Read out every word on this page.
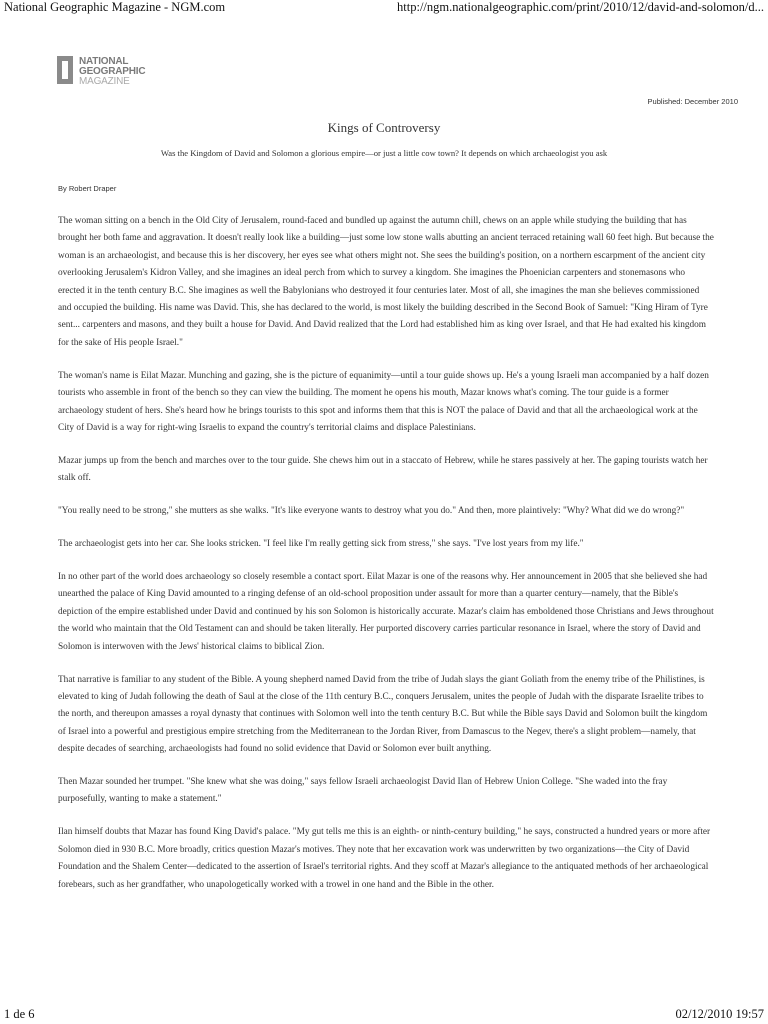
National Geographic Magazine - NGM.com	http://ngm.nationalgeographic.com/print/2010/12/david-and-solomon/d...
NATIONAL
GEOGRAPHIC
MAGAZINE
Published: December 2010
Kings of Controversy
Was the Kingdom of David and Solomon a glorious empire—or just a little cow town? It depends on which archaeologist you ask
By Robert Draper

The woman sitting on a bench in the Old City of Jerusalem, round-faced and bundled up against the autumn chill, chews on an apple while studying the building that has brought her both fame and aggravation. It doesn't really look like a building—just some low stone walls abutting an ancient terraced retaining wall 60 feet high. But because the woman is an archaeologist, and because this is her discovery, her eyes see what others might not. She sees the building's position, on a northern escarpment of the ancient city overlooking Jerusalem's Kidron Valley, and she imagines an ideal perch from which to survey a kingdom. She imagines the Phoenician carpenters and stonemasons who erected it in the tenth century B.C. She imagines as well the Babylonians who destroyed it four centuries later. Most of all, she imagines the man she believes commissioned and occupied the building. His name was David. This, she has declared to the world, is most likely the building described in the Second Book of Samuel: "King Hiram of Tyre sent... carpenters and masons, and they built a house for David. And David realized that the Lord had established him as king over Israel, and that He had exalted his kingdom for the sake of His people Israel."

The woman's name is Eilat Mazar. Munching and gazing, she is the picture of equanimity—until a tour guide shows up. He's a young Israeli man accompanied by a half dozen tourists who assemble in front of the bench so they can view the building. The moment he opens his mouth, Mazar knows what's coming. The tour guide is a former archaeology student of hers. She's heard how he brings tourists to this spot and informs them that this is NOT the palace of David and that all the archaeological work at the City of David is a way for right-wing Israelis to expand the country's territorial claims and displace Palestinians.

Mazar jumps up from the bench and marches over to the tour guide. She chews him out in a staccato of Hebrew, while he stares passively at her. The gaping tourists watch her stalk off.

"You really need to be strong," she mutters as she walks. "It's like everyone wants to destroy what you do." And then, more plaintively: "Why? What did we do wrong?"

The archaeologist gets into her car. She looks stricken. "I feel like I'm really getting sick from stress," she says. "I've lost years from my life."

In no other part of the world does archaeology so closely resemble a contact sport. Eilat Mazar is one of the reasons why. Her announcement in 2005 that she believed she had unearthed the palace of King David amounted to a ringing defense of an old-school proposition under assault for more than a quarter century—namely, that the Bible's depiction of the empire established under David and continued by his son Solomon is historically accurate. Mazar's claim has emboldened those Christians and Jews throughout the world who maintain that the Old Testament can and should be taken literally. Her purported discovery carries particular resonance in Israel, where the story of David and Solomon is interwoven with the Jews' historical claims to biblical Zion.

That narrative is familiar to any student of the Bible. A young shepherd named David from the tribe of Judah slays the giant Goliath from the enemy tribe of the Philistines, is elevated to king of Judah following the death of Saul at the close of the 11th century B.C., conquers Jerusalem, unites the people of Judah with the disparate Israelite tribes to the north, and thereupon amasses a royal dynasty that continues with Solomon well into the tenth century B.C. But while the Bible says David and Solomon built the kingdom of Israel into a powerful and prestigious empire stretching from the Mediterranean to the Jordan River, from Damascus to the Negev, there's a slight problem—namely, that despite decades of searching, archaeologists had found no solid evidence that David or Solomon ever built anything.

Then Mazar sounded her trumpet. "She knew what she was doing," says fellow Israeli archaeologist David Ilan of Hebrew Union College. "She waded into the fray purposefully, wanting to make a statement."

Ilan himself doubts that Mazar has found King David's palace. "My gut tells me this is an eighth- or ninth-century building," he says, constructed a hundred years or more after Solomon died in 930 B.C. More broadly, critics question Mazar's motives. They note that her excavation work was underwritten by two organizations—the City of David Foundation and the Shalem Center—dedicated to the assertion of Israel's territorial rights. And they scoff at Mazar's allegiance to the antiquated methods of her archaeological forebears, such as her grandfather, who unapologetically worked with a trowel in one hand and the Bible in the other.

1 de 6	02/12/2010 19:57
